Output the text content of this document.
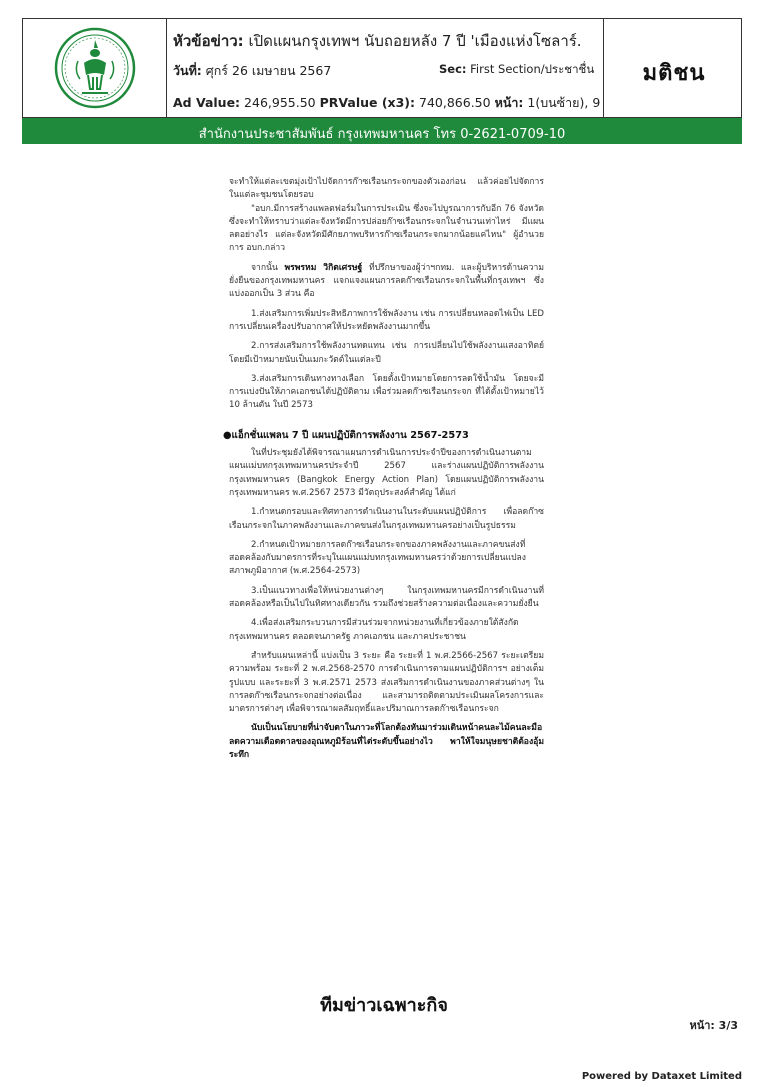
หัวข้อข่าว: เปิดแผนกรุงเทพฯ นับถอยหลัง 7 ปี 'เมืองแห่งโซลาร์.
วันที่: ศุกร์ 26 เมษายน 2567	Sec: First Section/ประชาชื่น
Ad Value: 246,955.50 PRValue (x3): 740,866.50 หน้า: 1(บนซ้าย), 9
มติชน
สำนักงานประชาสัมพันธ์ กรุงเทพมหานคร โทร 0-2621-0709-10

จะทำให้แต่ละเขตมุ่งเป้าไปจัดการก๊าซเรือนกระจกของตัวเองก่อน แล้วค่อยไปจัดการในแต่ละชุมชนโดยรอบ

"อบก.มีการสร้างแพลตฟอร์มในการประเมิน ซึ่งจะไปบูรณาการกับอีก 76 จังหวัด ซึ่งจะทำให้ทราบว่าแต่ละจังหวัดมีการปล่อยก๊าซเรือนกระจกในจำนวนเท่าไหร่ มีแผนลดอย่างไร แต่ละจังหวัดมีศักยภาพบริหารก๊าซเรือนกระจกมากน้อยแค่ไหน" ผู้อำนวยการ อบก.กล่าว

จากนั้น พรพรหม วิกิตเศรษฐ์ ที่ปรึกษาของผู้ว่าฯกทม. และผู้บริหารด้านความยั่งยืนของกรุงเทพมหานคร แจกแจงแผนการลดก๊าซเรือนกระจกในพื้นที่กรุงเทพฯ ซึ่งแบ่งออกเป็น 3 ส่วน คือ

1.ส่งเสริมการเพิ่มประสิทธิภาพการใช้พลังงาน เช่น การเปลี่ยนหลอดไฟเป็น LED การเปลี่ยนเครื่องปรับอากาศให้ประหยัดพลังงานมากขึ้น

2.การส่งเสริมการใช้พลังงานทดแทน เช่น การเปลี่ยนไปใช้พลังงานแสงอาทิตย์ โดยมีเป้าหมายนับเป็นเมกะวัตต์ในแต่ละปี

3.ส่งเสริมการเดินทางทางเลือก โดยตั้งเป้าหมายโดยการลดใช้น้ำมัน โดยจะมีการแบ่งปันให้ภาคเอกชนได้ปฏิบัติตาม เพื่อร่วมลดก๊าซเรือนกระจก ที่ได้ตั้งเป้าหมายไว้ 10 ล้านตัน ในปี 2573

●แอ็กชั่นแพลน 7 ปี แผนปฏิบัติการพลังงาน 2567-2573

ในที่ประชุมยังได้พิจารณาแผนการดำเนินการประจำปีของการดำเนินงานตามแผนแม่บทกรุงเทพมหานครประจำปี 2567 และร่างแผนปฏิบัติการพลังงานกรุงเทพมหานคร (Bangkok Energy Action Plan) โดยแผนปฏิบัติการพลังงานกรุงเทพมหานคร พ.ศ.2567 2573 มีวัตถุประสงค์สำคัญ ได้แก่

1.กำหนดกรอบและทิศทางการดำเนินงานในระดับแผนปฏิบัติการ เพื่อลดก๊าซเรือนกระจกในภาคพลังงานและภาคขนส่งในกรุงเทพมหานครอย่างเป็นรูปธรรม

2.กำหนดเป้าหมายการลดก๊าซเรือนกระจกของภาคพลังงานและภาคขนส่งที่สอดคล้องกับมาตรการที่ระบุในแผนแม่บทกรุงเทพมหานครว่าด้วยการเปลี่ยนแปลงสภาพภูมิอากาศ (พ.ศ.2564-2573)

3.เป็นแนวทางเพื่อให้หน่วยงานต่างๆ ในกรุงเทพมหานครมีการดำเนินงานที่สอดคล้องหรือเป็นไปในทิศทางเดียวกัน รวมถึงช่วยสร้างความต่อเนื่องและความยั่งยืน

4.เพื่อส่งเสริมกระบวนการมีส่วนร่วมจากหน่วยงานที่เกี่ยวข้องภายใต้สังกัดกรุงเทพมหานคร ตลอดจนภาครัฐ ภาคเอกชน และภาคประชาชน

สำหรับแผนเหล่านี้ แบ่งเป็น 3 ระยะ คือ ระยะที่ 1 พ.ศ.2566-2567 ระยะเตรียมความพร้อม ระยะที่ 2 พ.ศ.2568-2570 การดำเนินการตามแผนปฏิบัติการฯ อย่างเต็มรูปแบบ และระยะที่ 3 พ.ศ.2571 2573 ส่งเสริมการดำเนินงานของภาคส่วนต่างๆ ในการลดก๊าซเรือนกระจกอย่างต่อเนื่อง และสามารถติดตามประเมินผลโครงการและมาตรการต่างๆ เพื่อพิจารณาผลสัมฤทธิ์และปริมาณการลดก๊าซเรือนกระจก

นับเป็นนโยบายที่น่าจับตาในภาวะที่โลกต้องหันมาร่วมเดินหน้าคนละไม้คนละมือ ลดความเดือดดาลของอุณหภูมิร้อนที่ไต่ระดับขึ้นอย่างไว พาให้ใจมนุษยชาติต้องอุ้มระทึก

ทีมข่าวเฉพาะกิจ
หน้า: 3/3
Powered by Dataxet Limited
